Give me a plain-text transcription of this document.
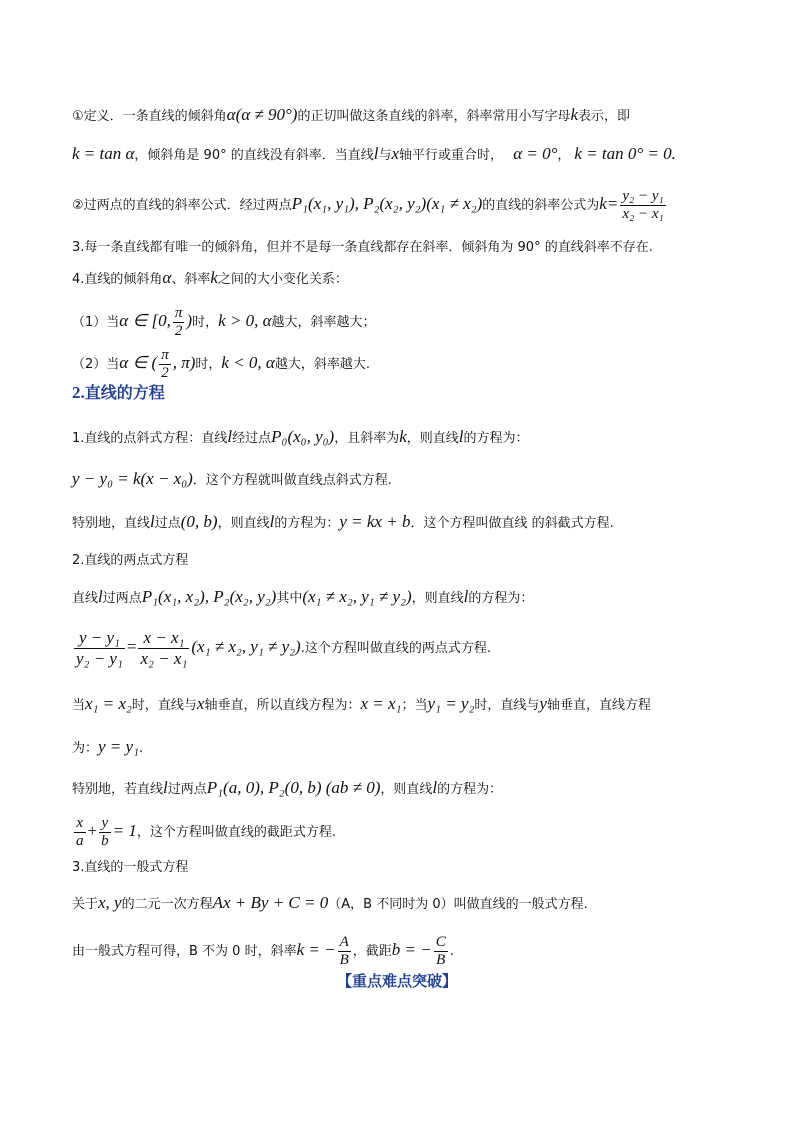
①定义．一条直线的倾斜角α(α ≠ 90°)的正切叫做这条直线的斜率，斜率常用小写字母k表示，即
k = tan α，倾斜角是 90° 的直线没有斜率．当直线l与x轴平行或重合时， α = 0°， k = tan 0° = 0.
②过两点的直线的斜率公式．经过两点P₁(x₁, y₁), P₂(x₂, y₂)(x₁ ≠ x₂)的直线的斜率公式为$k= \frac{\text{y₂ − y₁}}{\text{x₂ − x₁}}$
3.每一条直线都有唯一的倾斜角，但并不是每一条直线都存在斜率．倾斜角为 90° 的直线斜率不存在.
4.直线的倾斜角α、斜率k之间的大小变化关系：
（1）当α ∈ [0, $\frac{\pi}{2}$ )时，k > 0, α越大，斜率越大；
（2）当α ∈ ( $\frac{\pi}{2}$ , π)时，k < 0, α越大，斜率越大.
2.直线的方程
1.直线的点斜式方程：直线l经过点P₀(x₀, y₀)，且斜率为k，则直线l的方程为：
y − y₀ = k(x − x₀)．这个方程就叫做直线点斜式方程.
特别地，直线l过点(0, b)，则直线l的方程为：y = kx + b．这个方程叫做直线 的斜截式方程.
2.直线的两点式方程
直线l过两点P₁(x₁, x₂), P₂(x₂, y₂)其中(x₁ ≠ x₂, y₁ ≠ y₂)，则直线l的方程为：
$\frac{\text{y − y₁}}{\text{y₂ − y₁}} = \frac{\text{x − x₁}}{\text{x₂ − x₁}} (x_1 \ne x_2$, y₁ ≠ y₂).这个方程叫做直线的两点式方程.
当x₁ = x₂时，直线与x轴垂直，所以直线方程为：x = x₁；当y₁ = y₂时，直线与y轴垂直，直线方程
为：y = y₁.
特别地，若直线l过两点P₁(a, 0), P₂(0, b) (ab ≠ 0)，则直线l的方程为：
$\frac{x}{a} + \frac{y}{b} = 1$，这个方程叫做直线的截距式方程.
3.直线的一般式方程
关于x, y的二元一次方程Ax + By + C = 0（A，B 不同时为 0）叫做直线的一般式方程.
由一般式方程可得，B 不为 0 时，斜率k = − $\frac{A}{B}$ ，截距b = − $\frac{C}{B}$ .
【重点难点突破】
